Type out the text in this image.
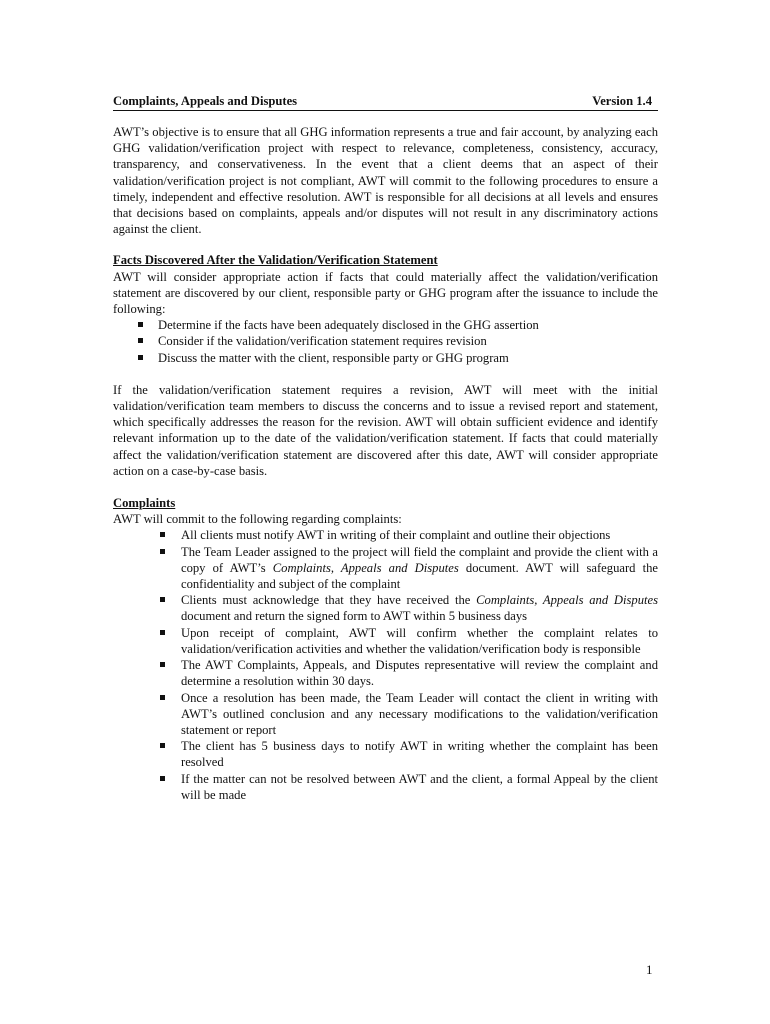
Complaints, Appeals and Disputes	Version 1.4

AWT’s objective is to ensure that all GHG information represents a true and fair account, by analyzing each GHG validation/verification project with respect to relevance, completeness, consistency, accuracy, transparency, and conservativeness. In the event that a client deems that an aspect of their validation/verification project is not compliant, AWT will commit to the following procedures to ensure a timely, independent and effective resolution. AWT is responsible for all decisions at all levels and ensures that decisions based on complaints, appeals and/or disputes will not result in any discriminatory actions against the client.

Facts Discovered After the Validation/Verification Statement

AWT will consider appropriate action if facts that could materially affect the validation/verification statement are discovered by our client, responsible party or GHG program after the issuance to include the following:

Determine if the facts have been adequately disclosed in the GHG assertion
Consider if the validation/verification statement requires revision
Discuss the matter with the client, responsible party or GHG program

If the validation/verification statement requires a revision, AWT will meet with the initial validation/verification team members to discuss the concerns and to issue a revised report and statement, which specifically addresses the reason for the revision. AWT will obtain sufficient evidence and identify relevant information up to the date of the validation/verification statement. If facts that could materially affect the validation/verification statement are discovered after this date, AWT will consider appropriate action on a case-by-case basis.

Complaints

AWT will commit to the following regarding complaints:

All clients must notify AWT in writing of their complaint and outline their objections
The Team Leader assigned to the project will field the complaint and provide the client with a copy of AWT’s Complaints, Appeals and Disputes document. AWT will safeguard the confidentiality and subject of the complaint
Clients must acknowledge that they have received the Complaints, Appeals and Disputes document and return the signed form to AWT within 5 business days
Upon receipt of complaint, AWT will confirm whether the complaint relates to validation/verification activities and whether the validation/verification body is responsible
The AWT Complaints, Appeals, and Disputes representative will review the complaint and determine a resolution within 30 days.
Once a resolution has been made, the Team Leader will contact the client in writing with AWT’s outlined conclusion and any necessary modifications to the validation/verification statement or report
The client has 5 business days to notify AWT in writing whether the complaint has been resolved
If the matter can not be resolved between AWT and the client, a formal Appeal by the client will be made
1
